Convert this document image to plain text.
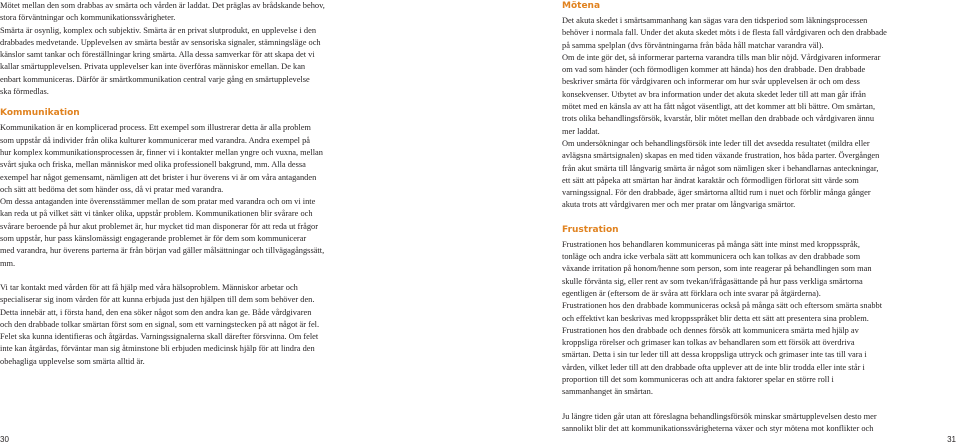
Mötet mellan den som drabbas av smärta och vården är laddat. Det präglas av brådskande behov,
stora förväntningar och kommunikationssvårigheter.
Smärta är osynlig, komplex och subjektiv. Smärta är en privat slutprodukt, en upplevelse i den
drabbades medvetande. Upplevelsen av smärta består av sensoriska signaler, stämningsläge och
känslor samt tankar och föreställningar kring smärta. Alla dessa samverkar för att skapa det vi
kallar smärtupplevelsen. Privata upplevelser kan inte överföras människor emellan. De kan
enbart kommuniceras. Därför är smärtkommunikation central varje gång en smärtupplevelse
ska förmedlas.

Kommunikation

Kommunikation är en komplicerad process. Ett exempel som illustrerar detta är alla problem
som uppstår då individer från olika kulturer kommunicerar med varandra. Andra exempel på
hur komplex kommunikationsprocessen är, finner vi i kontakter mellan yngre och vuxna, mellan
svårt sjuka och friska, mellan människor med olika professionell bakgrund, mm. Alla dessa
exempel har något gemensamt, nämligen att det brister i hur överens vi är om våra antaganden
och sätt att bedöma det som händer oss, då vi pratar med varandra.
Om dessa antaganden inte överensstämmer mellan de som pratar med varandra och om vi inte
kan reda ut på vilket sätt vi tänker olika, uppstår problem. Kommunikationen blir svårare och
svårare beroende på hur akut problemet är, hur mycket tid man disponerar för att reda ut frågor
som uppstår, hur pass känslomässigt engagerande problemet är för dem som kommunicerar
med varandra, hur överens parterna är från början vad gäller målsättningar och tillvägagångssätt,
mm.

Vi tar kontakt med vården för att få hjälp med våra hälsoproblem. Människor arbetar och
specialiserar sig inom vården för att kunna erbjuda just den hjälpen till dem som behöver den.
Detta innebär att, i första hand, den ena söker något som den andra kan ge. Både vårdgivaren
och den drabbade tolkar smärtan först som en signal, som ett varningstecken på att något är fel.
Felet ska kunna identifieras och åtgärdas. Varningssignalerna skall därefter försvinna. Om felet
inte kan åtgärdas, förväntar man sig åtminstone bli erbjuden medicinsk hjälp för att lindra den
obehagliga upplevelse som smärta alltid är.

Mötena

Det akuta skedet i smärtsammanhang kan sägas vara den tidsperiod som läkningsprocessen
behöver i normala fall. Under det akuta skedet möts i de flesta fall vårdgivaren och den drabbade
på samma spelplan (dvs förväntningarna från båda håll matchar varandra väl).
Om de inte gör det, så informerar parterna varandra tills man blir nöjd. Vårdgivaren informerar
om vad som händer (och förmodligen kommer att hända) hos den drabbade. Den drabbade
beskriver smärta för vårdgivaren och informerar om hur svår upplevelsen är och om dess
konsekvenser. Utbytet av bra information under det akuta skedet leder till att man går ifrån
mötet med en känsla av att ha fått något väsentligt, att det kommer att bli bättre. Om smärtan,
trots olika behandlingsförsök, kvarstår, blir mötet mellan den drabbade och vårdgivaren ännu
mer laddat.
Om undersökningar och behandlingsförsök inte leder till det avsedda resultatet (mildra eller
avlägsna smärtsignalen) skapas en med tiden växande frustration, hos båda parter. Övergången
från akut smärta till långvarig smärta är något som nämligen sker i behandlarnas anteckningar,
ett sätt att påpeka att smärtan har ändrat karaktär och förmodligen förlorat sitt värde som
varningssignal. För den drabbade, äger smärtorna alltid rum i nuet och förblir många gånger
akuta trots att vårdgivaren mer och mer pratar om långvariga smärtor.

Frustration

Frustrationen hos behandlaren kommuniceras på många sätt inte minst med kroppsspråk,
tonläge och andra icke verbala sätt att kommunicera och kan tolkas av den drabbade som
växande irritation på honom/henne som person, som inte reagerar på behandlingen som man
skulle förvänta sig, eller rent av som tvekan/ifrågasättande på hur pass verkliga smärtorna
egentligen är (eftersom de är svåra att förklara och inte svarar på åtgärderna).
Frustrationen hos den drabbade kommuniceras också på många sätt och eftersom smärta snabbt
och effektivt kan beskrivas med kroppsspråket blir detta ett sätt att presentera sina problem.
Frustrationen hos den drabbade och dennes försök att kommunicera smärta med hjälp av
kroppsliga rörelser och grimaser kan tolkas av behandlaren som ett försök att överdriva
smärtan. Detta i sin tur leder till att dessa kroppsliga uttryck och grimaser inte tas till vara i
vården, vilket leder till att den drabbade ofta upplever att de inte blir trodda eller inte står i
proportion till det som kommuniceras och att andra faktorer spelar en större roll i
sammanhanget än smärtan.

Ju längre tiden går utan att föreslagna behandlingsförsök minskar smärtupplevelsen desto mer
sannolikt blir det att kommunikationssvårigheterna växer och styr mötena mot konflikter och

30	31
